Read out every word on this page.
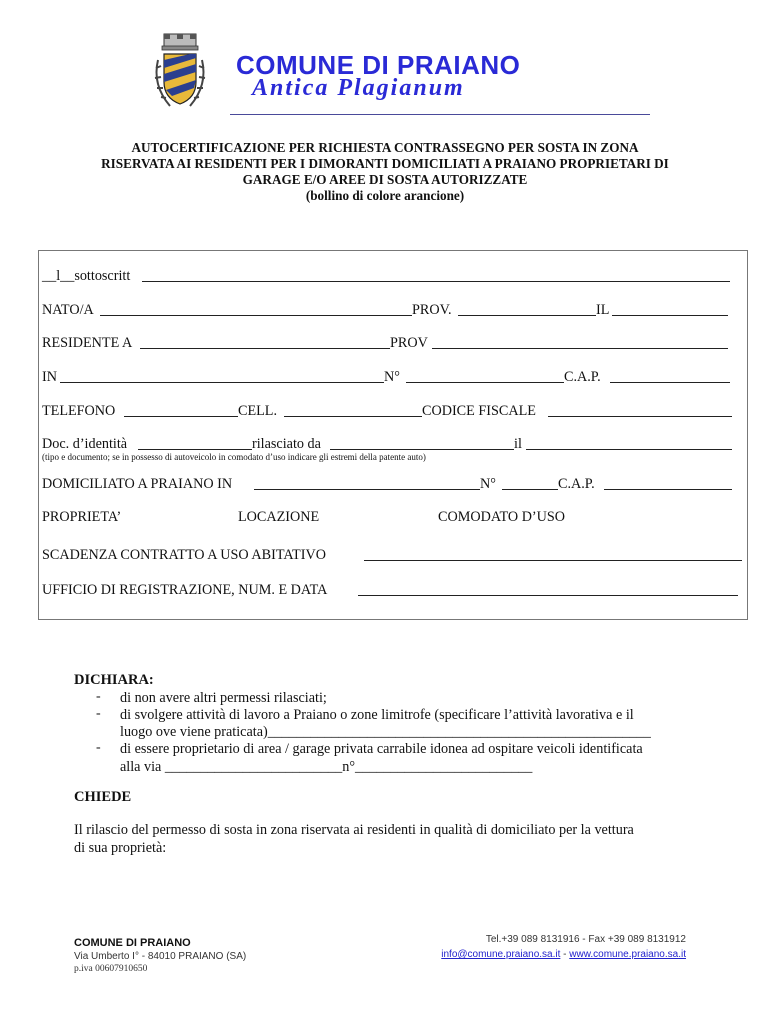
COMUNE DI PRAIANO
Antica Plagianum
AUTOCERTIFICAZIONE PER RICHIESTA CONTRASSEGNO PER SOSTA IN ZONA
RISERVATA AI RESIDENTI PER I DIMORANTI DOMICILIATI A PRAIANO PROPRIETARI DI
GARAGE E/O AREE DI SOSTA AUTORIZZATE
(bollino di colore arancione)
__l__sottoscritt
NATO/A	PROV.	IL
RESIDENTE A	PROV
IN	N°	C.A.P.
TELEFONO	CELL.	CODICE FISCALE
Doc. d’identità	rilasciato da	il
(tipo e documento; se in possesso di autoveicolo in comodato d’uso indicare gli estremi della patente auto)
DOMICILIATO A PRAIANO IN	N°	C.A.P.
PROPRIETA’	LOCAZIONE	COMODATO D’USO
SCADENZA CONTRATTO A USO ABITATIVO
UFFICIO DI REGISTRAZIONE, NUM. E DATA
DICHIARA:
- di non avere altri permessi rilasciati;
- di svolgere attività di lavoro a Praiano o zone limitrofe (specificare l’attività lavorativa e il
luogo ove viene praticata)______________________________________________________
- di essere proprietario di area / garage privata carrabile idonea ad ospitare veicoli identificata
alla via _________________________n°_________________________
CHIEDE
Il rilascio del permesso di sosta in zona riservata ai residenti in qualità di domiciliato per la vettura
di sua proprietà:
COMUNE DI PRAIANO
Via Umberto I° - 84010 PRAIANO (SA)
p.iva 00607910650
Tel.+39 089 8131916 - Fax +39 089 8131912
info@comune.praiano.sa.it - www.comune.praiano.sa.it
